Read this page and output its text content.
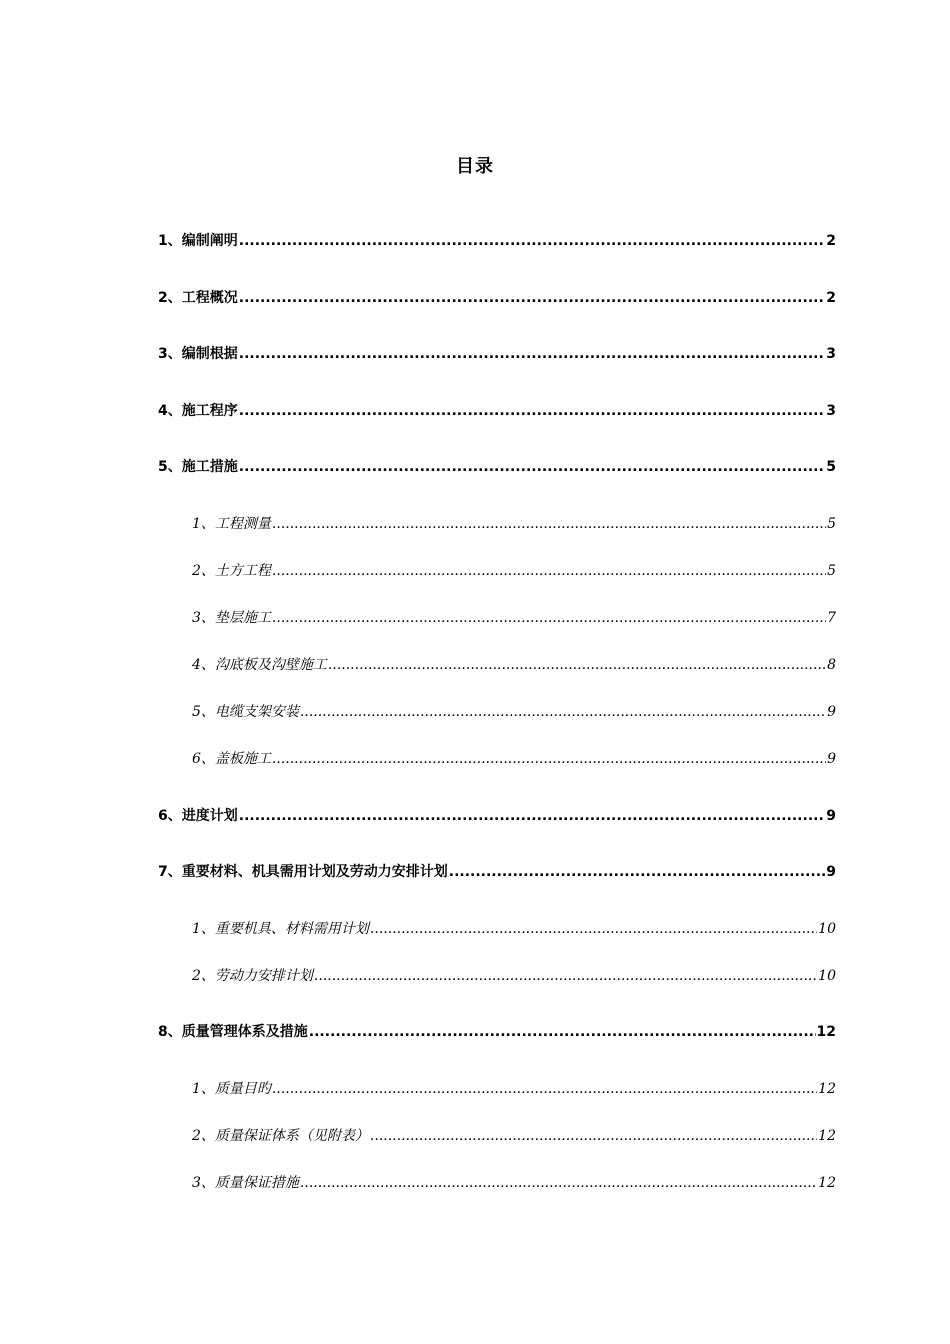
目录
1、编制阐明 .....	2
2、工程概况 .....	2
3、编制根据 .....	3
4、施工程序 .....	3
5、施工措施 .....	5
1、工程测量 .....	5
2、土方工程 .....	5
3、垫层施工 .....	7
4、沟底板及沟壁施工 .....	8
5、电缆支架安装 .....	9
6、盖板施工 .....	9
6、进度计划 .....	9
7、重要材料、机具需用计划及劳动力安排计划 .....	9
1、重要机具、材料需用计划 .....	10
2、劳动力安排计划 .....	10
8、质量管理体系及措施 .....	12
1、质量目旳 .....	12
2、质量保证体系（见附表） .....	12
3、质量保证措施 .....	12
